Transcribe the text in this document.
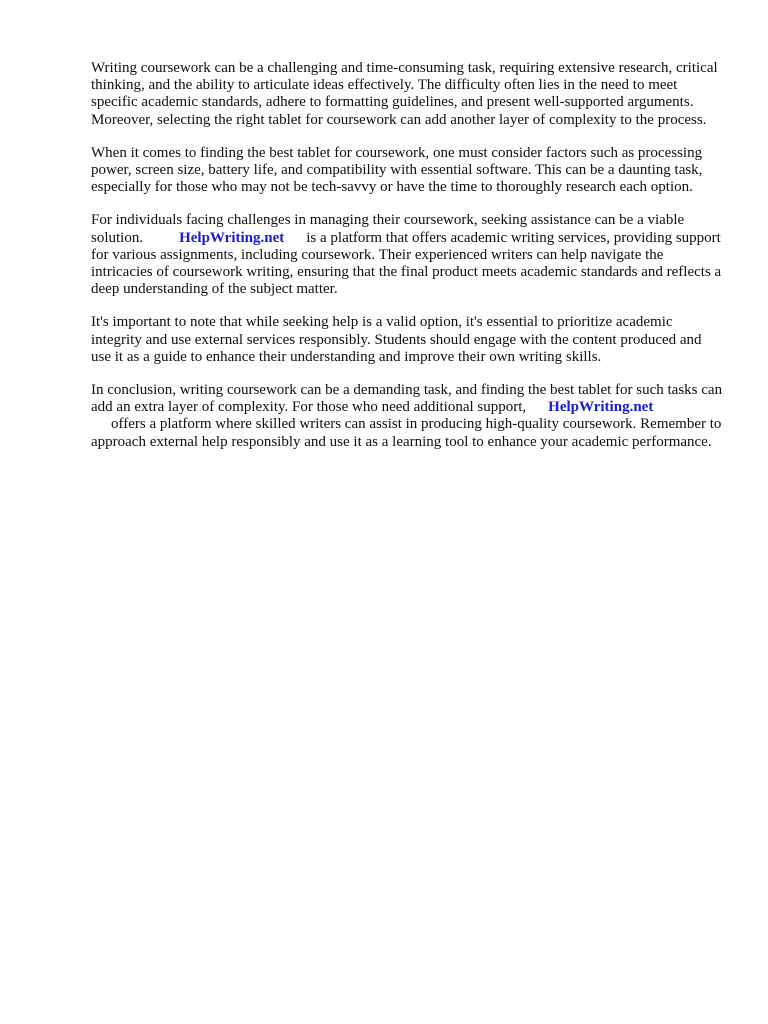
Writing coursework can be a challenging and time-consuming task, requiring extensive research, critical thinking, and the ability to articulate ideas effectively. The difficulty often lies in the need to meet specific academic standards, adhere to formatting guidelines, and present well-supported arguments. Moreover, selecting the right tablet for coursework can add another layer of complexity to the process.

When it comes to finding the best tablet for coursework, one must consider factors such as processing power, screen size, battery life, and compatibility with essential software. This can be a daunting task, especially for those who may not be tech-savvy or have the time to thoroughly research each option.

For individuals facing challenges in managing their coursework, seeking assistance can be a viable solution. HelpWriting.net is a platform that offers academic writing services, providing support for various assignments, including coursework. Their experienced writers can help navigate the intricacies of coursework writing, ensuring that the final product meets academic standards and reflects a deep understanding of the subject matter.

It's important to note that while seeking help is a valid option, it's essential to prioritize academic integrity and use external services responsibly. Students should engage with the content produced and use it as a guide to enhance their understanding and improve their own writing skills.

In conclusion, writing coursework can be a demanding task, and finding the best tablet for such tasks can add an extra layer of complexity. For those who need additional support, HelpWriting.net
offers a platform where skilled writers can assist in producing high-quality coursework. Remember to approach external help responsibly and use it as a learning tool to enhance your academic performance.
